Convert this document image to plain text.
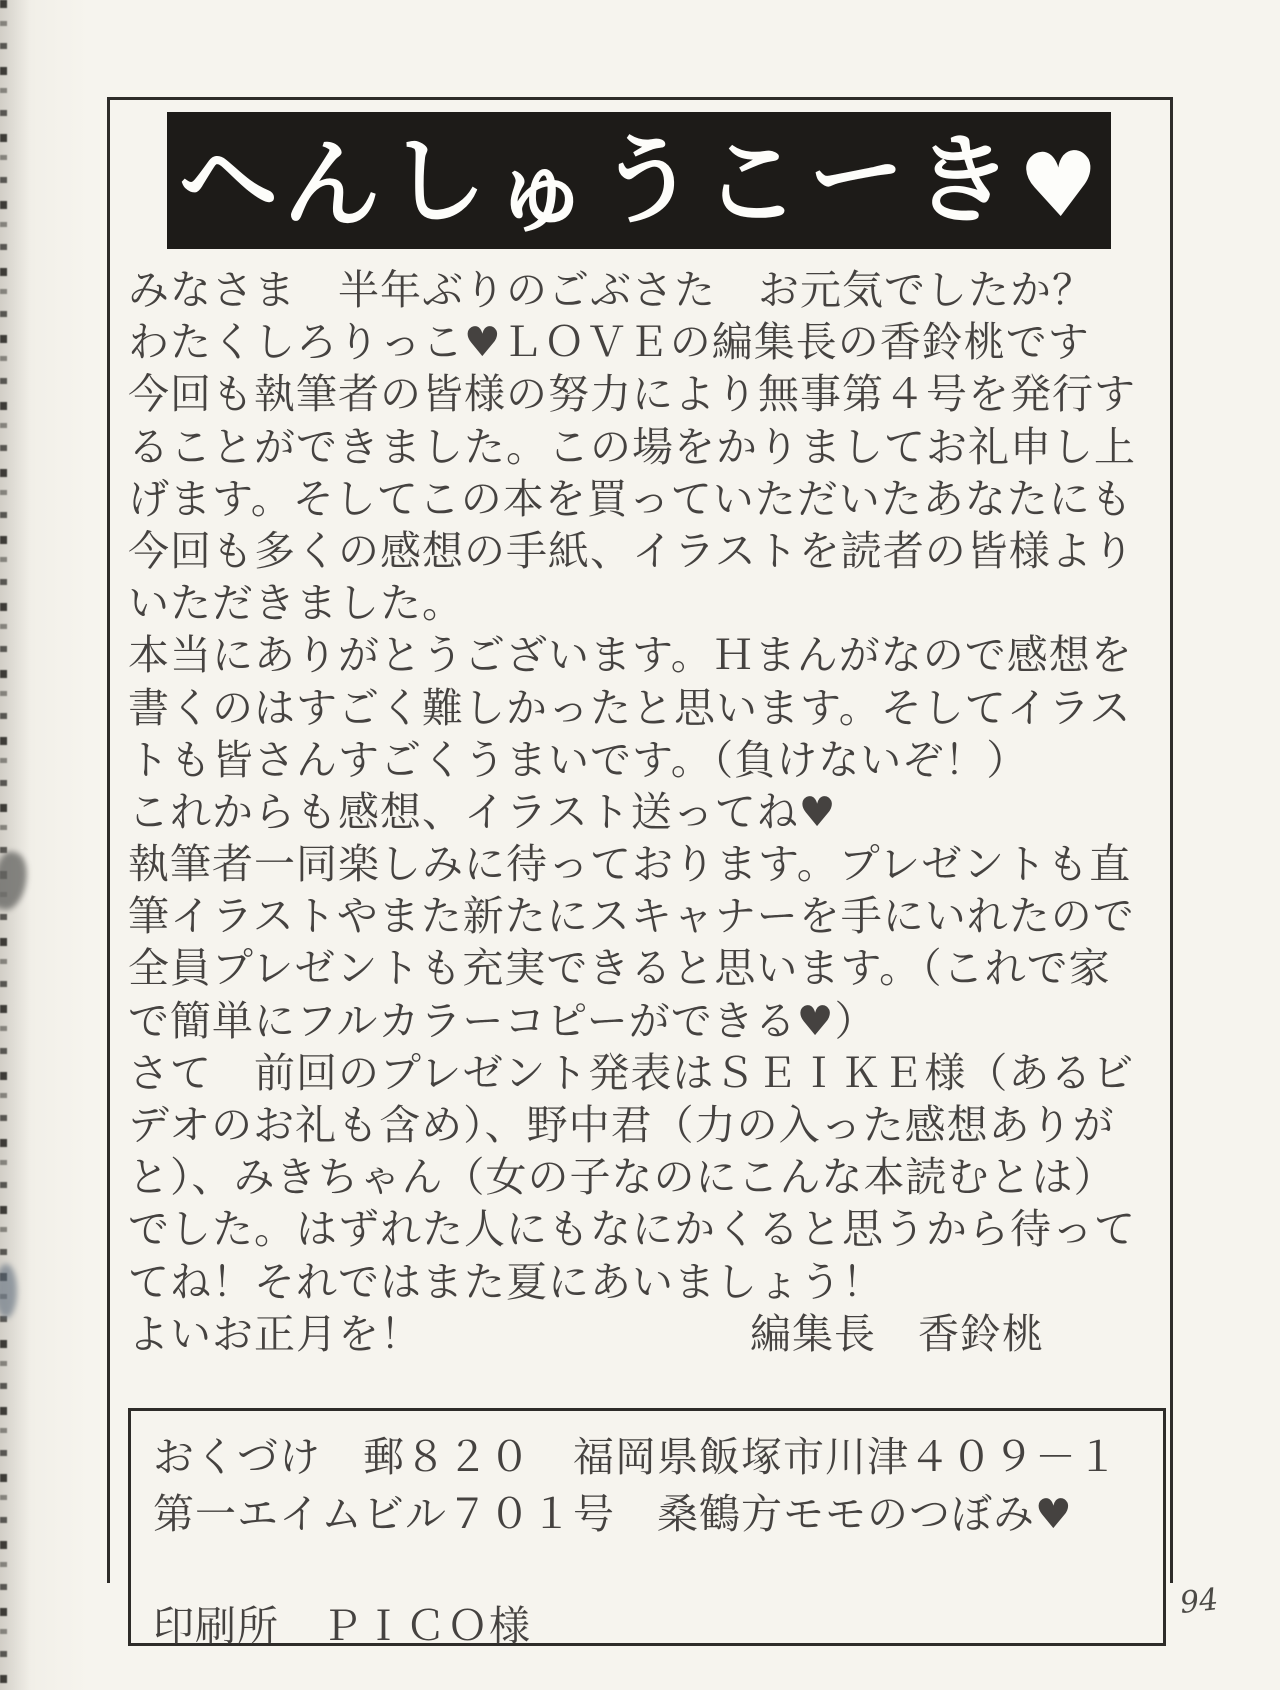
へ ん し ゅ う こ
ー
き ♥
みなさま　半年ぶりのごぶさた　お元気でしたか？
わたくしろりっこ♥ＬＯＶＥの編集長の香鈴桃です
今回も執筆者の皆様の努力により無事第４号を発行す
ることができました。この場をかりましてお礼申し上
げます。そしてこの本を買っていただいたあなたにも
今回も多くの感想の手紙、イラストを読者の皆様より
いただきました。
本当にありがとうございます。Ｈまんがなので感想を
書くのはすごく難しかったと思います。そしてイラス
トも皆さんすごくうまいです。（負けないぞ！）
これからも感想、イラスト送ってね♥
執筆者一同楽しみに待っております。プレゼントも直
筆イラストやまた新たにスキャナーを手にいれたので
全員プレゼントも充実できると思います。（これで家
で簡単にフルカラーコピーができる♥）
さて　前回のプレゼント発表はＳＥＩＫＥ様（あるビ
デオのお礼も含め）、野中君（力の入った感想ありが
と）、みきちゃん（女の子なのにこんな本読むとは）
でした。はずれた人にもなにかくると思うから待って
てね！それではまた夏にあいましょう！
よいお正月を！	編集長　香鈴桃
おくづけ　郵８２０　福岡県飯塚市川津４０９－１
第一エイムビル７０１号　桑鶴方モモのつぼみ♥
印刷所　ＰＩＣＯ様
94
